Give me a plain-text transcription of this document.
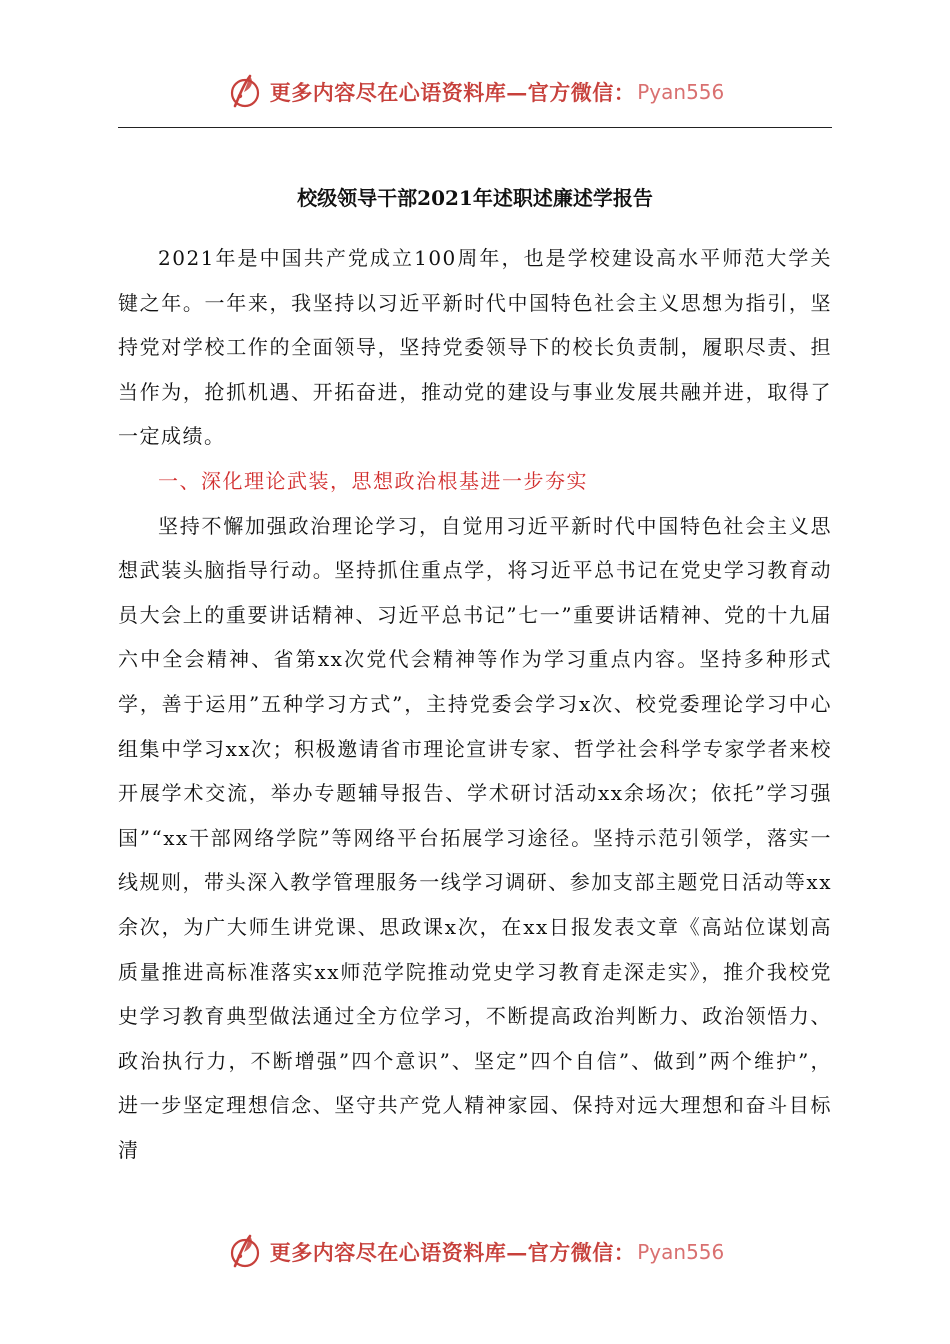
更多内容尽在心语资料库—官方微信： Pyan556
校级领导干部2021年述职述廉述学报告

2021年是中国共产党成立100周年，也是学校建设高水平师范大学关键之年。一年来，我坚持以习近平新时代中国特色社会主义思想为指引，坚持党对学校工作的全面领导，坚持党委领导下的校长负责制，履职尽责、担当作为，抢抓机遇、开拓奋进，推动党的建设与事业发展共融并进，取得了一定成绩。

一、深化理论武装，思想政治根基进一步夯实

坚持不懈加强政治理论学习，自觉用习近平新时代中国特色社会主义思想武装头脑指导行动。坚持抓住重点学，将习近平总书记在党史学习教育动员大会上的重要讲话精神、习近平总书记”七一”重要讲话精神、党的十九届六中全会精神、省第xx次党代会精神等作为学习重点内容。坚持多种形式学，善于运用”五种学习方式”，主持党委会学习x次、校党委理论学习中心组集中学习xx次；积极邀请省市理论宣讲专家、哲学社会科学专家学者来校开展学术交流，举办专题辅导报告、学术研讨活动xx余场次；依托”学习强国”“xx干部网络学院”等网络平台拓展学习途径。坚持示范引领学，落实一线规则，带头深入教学管理服务一线学习调研、参加支部主题党日活动等xx余次，为广大师生讲党课、思政课x次，在xx日报发表文章《高站位谋划高质量推进高标准落实xx师范学院推动党史学习教育走深走实》，推介我校党史学习教育典型做法通过全方位学习，不断提高政治判断力、政治领悟力、政治执行力，不断增强”四个意识”、坚定”四个自信”、做到”两个维护”，进一步坚定理想信念、坚守共产党人精神家园、保持对远大理想和奋斗目标清

更多内容尽在心语资料库—官方微信： Pyan556
